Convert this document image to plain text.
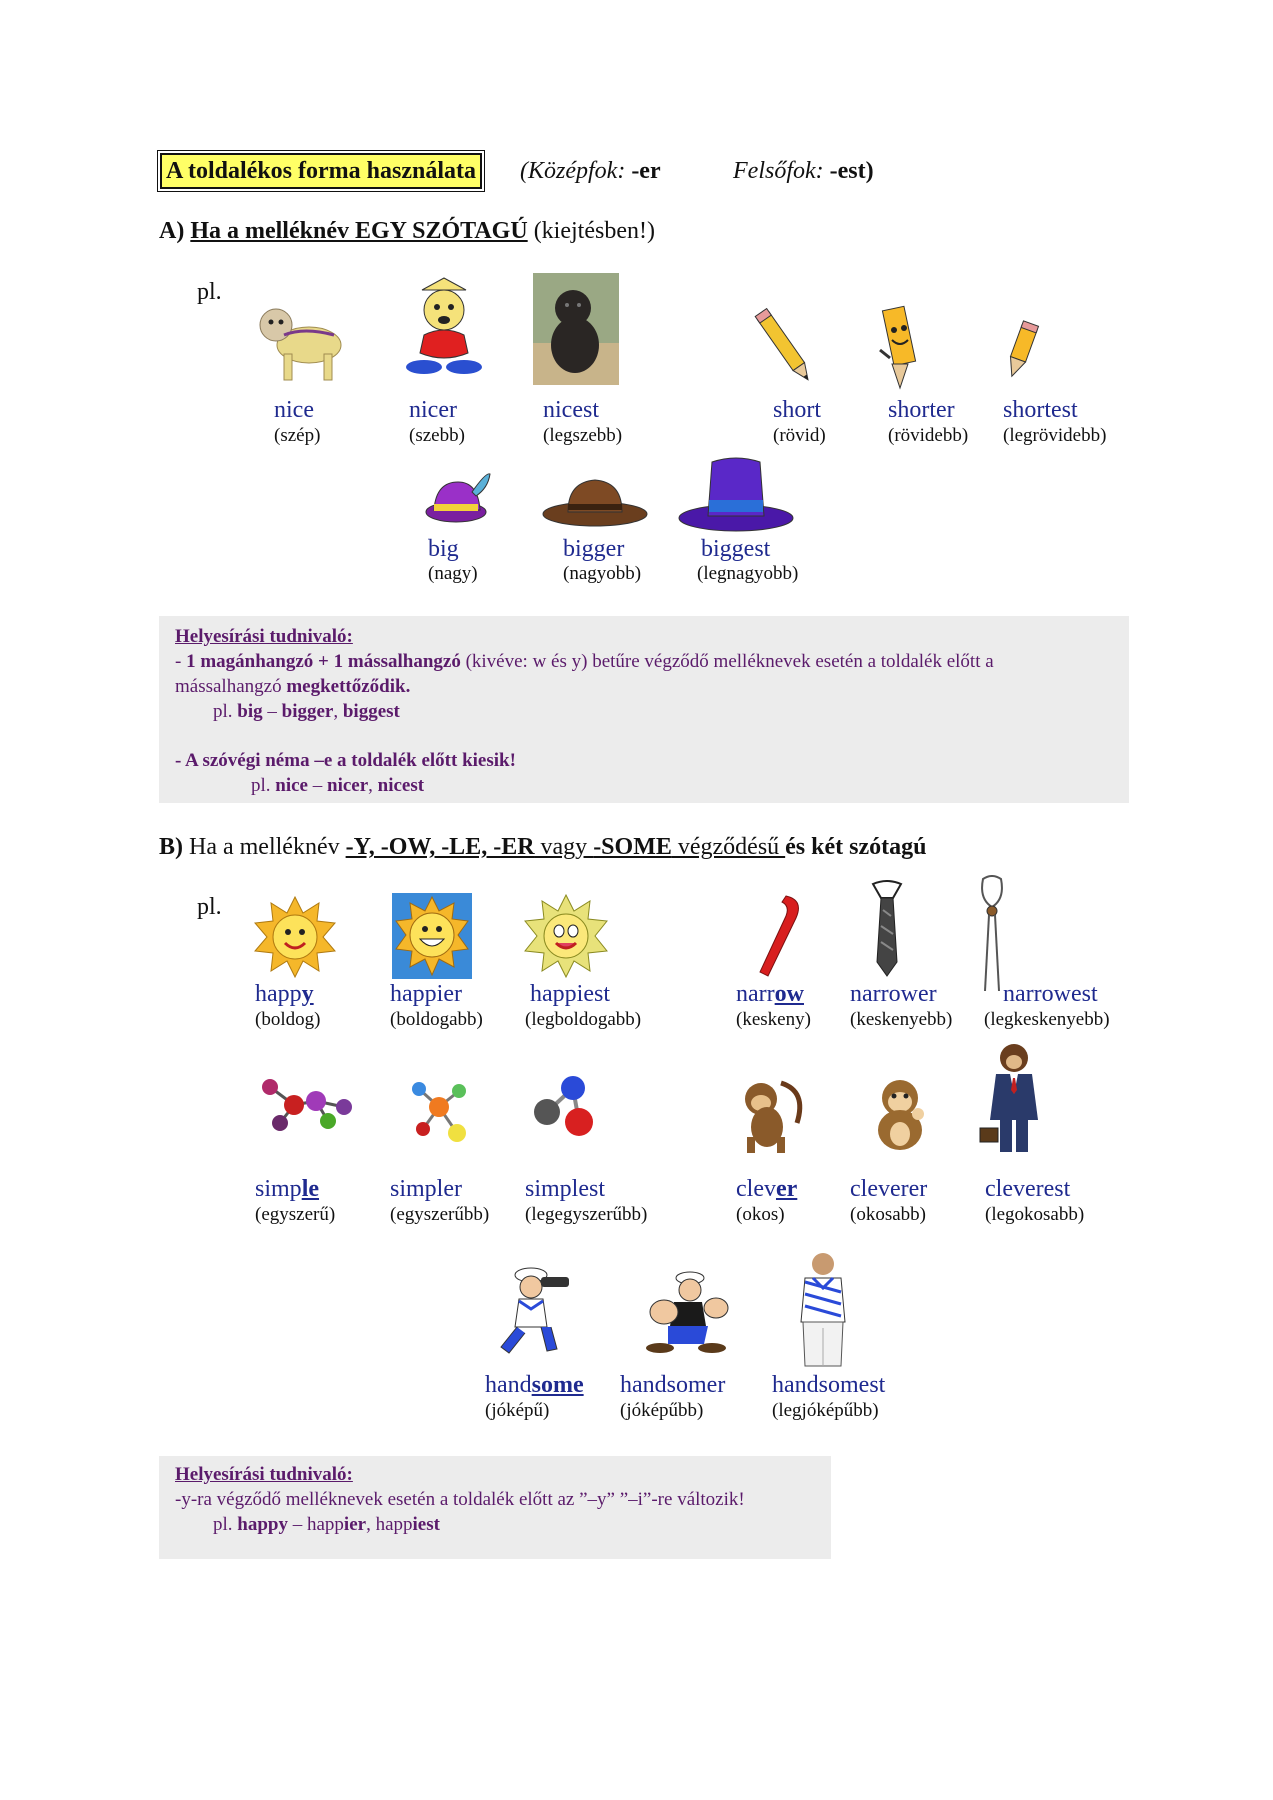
A toldalékos forma használata (Középfok: -er	Felsőfok: -est)
A) Ha a melléknév EGY SZÓTAGÚ (kiejtésben!)
pl.
nice
(szép)
nicer
(szebb)
nicest
(legszebb)
short
(rövid)
shorter
(rövidebb)
shortest
(legrövidebb)
big
(nagy)
bigger
(nagyobb)
biggest
(legnagyobb)
Helyesírási tudnivaló:
- 1 magánhangzó + 1 mássalhangzó (kivéve: w és y) betűre végződő melléknevek esetén a toldalék előtt a
mássalhangzó megkettőződik.
pl. big – bigger, biggest
- A szóvégi néma –e a toldalék előtt kiesik!
pl. nice – nicer, nicest
B) Ha a melléknév -Y, -OW, -LE, -ER vagy -SOME végződésű és két szótagú
pl.
happy
(boldog)
happier
(boldogabb)
happiest
(legboldogabb)
narrow
(keskeny)
narrower
(keskenyebb)
narrowest
(legkeskenyebb)
simple
(egyszerű)
simpler
(egyszerűbb)
simplest
(legegyszerűbb)
clever
(okos)
cleverer
(okosabb)
cleverest
(legokosabb)
handsome
(jóképű)
handsomer
(jóképűbb)
handsomest
(legjóképűbb)
Helyesírási tudnivaló:
-y-ra végződő melléknevek esetén a toldalék előtt az ”–y” ”–i”-re változik!
pl. happy – happier, happiest
